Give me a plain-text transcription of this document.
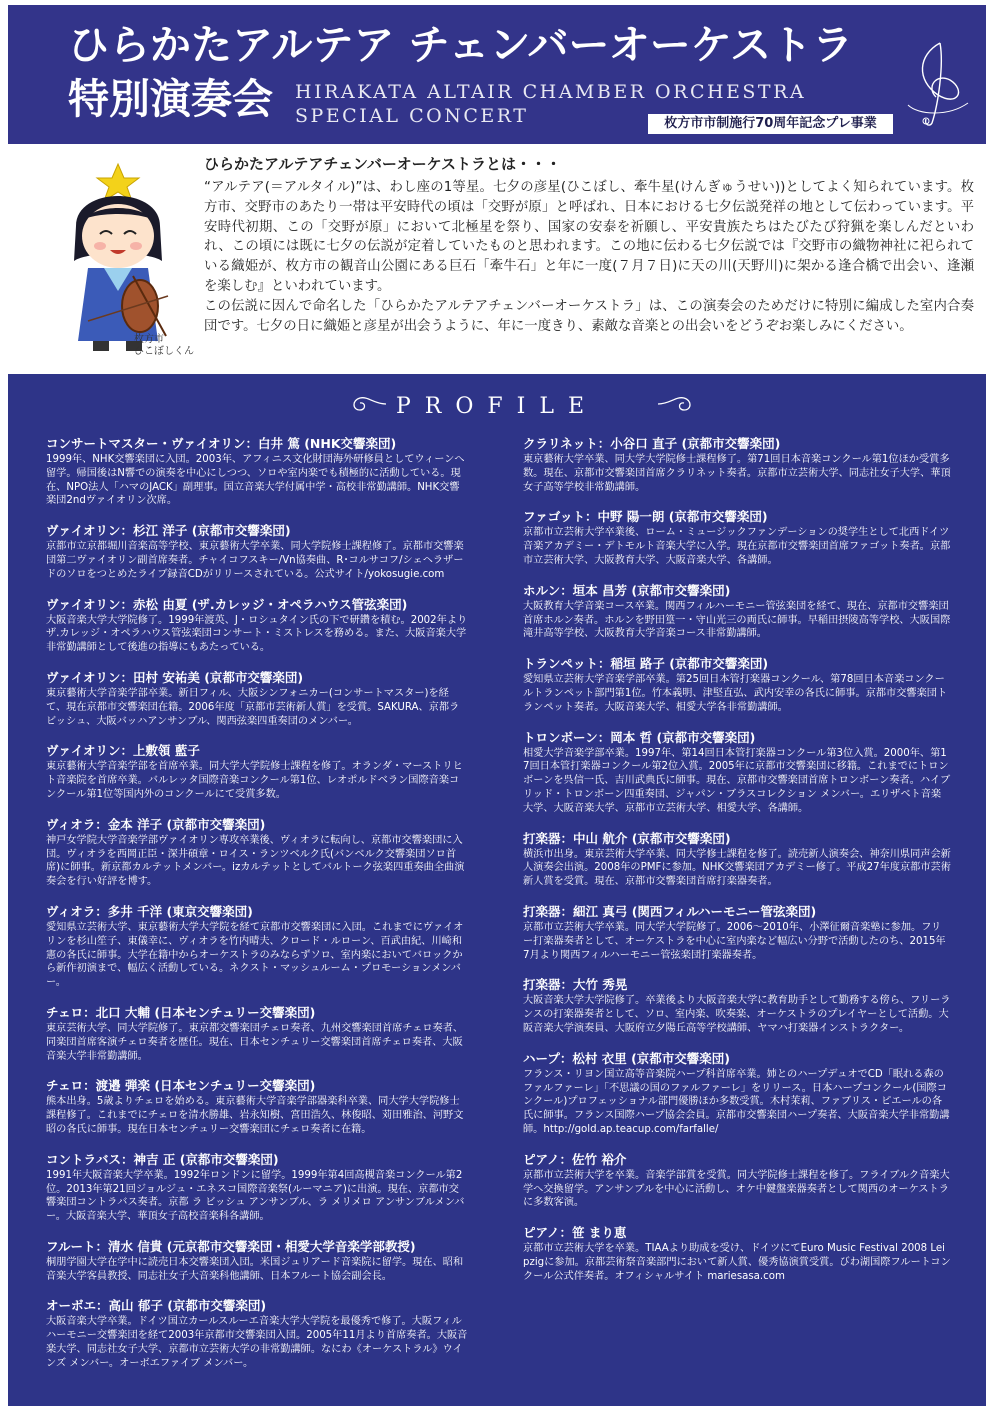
ひらかたアルテア チェンバーオーケストラ
特別演奏会 HIRAKATA ALTAIR CHAMBER ORCHESTRA
SPECIAL CONCERT	枚方市市制施行70周年記念プレ事業
枚方市
ひこぼしくん
ひらかたアルテアチェンバーオーケストラとは・・・

“アルテア(＝アルタイル)”は、わし座の1等星。七夕の彦星(ひこぼし、牽牛星(けんぎゅうせい))としてよく知られています。枚方市、交野市のあたり一帯は平安時代の頃は「交野が原」と呼ばれ、日本における七夕伝説発祥の地として伝わっています。平安時代初期、この「交野が原」において北極星を祭り、国家の安泰を祈願し、平安貴族たちはたびたび狩猟を楽しんだといわれ、この頃には既に七夕の伝説が定着していたものと思われます。この地に伝わる七夕伝説では『交野市の織物神社に祀られている織姫が、枚方市の観音山公園にある巨石「牽牛石」と年に一度(７月７日)に天の川(天野川)に架かる逢合橋で出会い、逢瀬を楽しむ』といわれています。

この伝説に因んで命名した「ひらかたアルテアチェンバーオーケストラ」は、この演奏会のためだけに特別に編成した室内合奏団です。七夕の日に織姫と彦星が出会うように、年に一度きり、素敵な音楽との出会いをどうぞお楽しみにください。

PROFILE
コンサートマスター・ヴァイオリン：白井 篤 (NHK交響楽団)
1999年、NHK交響楽団に入団。2003年、アフィニス文化財団海外研修員としてウィーンへ留学。帰国後はN響での演奏を中心にしつつ、ソロや室内楽でも積極的に活動している。現在、NPO法人「ハマのJACK」副理事。国立音楽大学付属中学・高校非常勤講師。NHK交響楽団2ndヴァイオリン次席。
ヴァイオリン：杉江 洋子 (京都市交響楽団)
京都市立京都堀川音楽高等学校、東京藝術大学卒業、同大学院修士課程修了。京都市交響楽団第二ヴァイオリン副首席奏者。チャイコフスキー/Vn協奏曲、R･コルサコフ/シェヘラザードのソロをつとめたライブ録音CDがリリースされている。公式サイト/yokosugie.com
ヴァイオリン：赤松 由夏 (ザ.カレッジ・オペラハウス管弦楽団)
大阪音楽大学大学院修了。1999年渡英、J・ロシュタイン氏の下で研鑽を積む。2002年よりザ.カレッジ・オペラハウス管弦楽団コンサート・ミストレスを務める。また、大阪音楽大学非常勤講師として後進の指導にもあたっている。
ヴァイオリン：田村 安祐美 (京都市交響楽団)
東京藝術大学音楽学部卒業。新日フィル、大阪シンフォニカー(コンサートマスター)を経て、現在京都市交響楽団在籍。2006年度「京都市芸術新人賞」を受賞。SAKURA、京都ラビッシュ、大阪バッハアンサンブル、関西弦楽四重奏団のメンバー。
ヴァイオリン：上敷領 藍子
東京藝術大学音楽学部を首席卒業。同大学大学院修士課程を修了。オランダ・マーストリヒト音楽院を首席卒業。バルレッタ国際音楽コンクール第1位、レオポルドベラン国際音楽コンクール第1位等国内外のコンクールにて受賞多数。
ヴィオラ：金本 洋子 (京都市交響楽団)
神戸女学院大学音楽学部ヴァイオリン専攻卒業後、ヴィオラに転向し、京都市交響楽団に入団。ヴィオラを西岡正臣・深井碩章・ロイス・ランツベルク氏(バンベルク交響楽団ソロ首席)に師事。新京都カルテットメンバー。izカルテットとしてバルトーク弦楽四重奏曲全曲演奏会を行い好評を博す。
ヴィオラ：多井 千洋 (東京交響楽団)
愛知県立芸術大学、東京藝術大学大学院を経て京都市交響楽団に入団。これまでにヴァイオリンを杉山笙子、東儀幸に、ヴィオラを竹内晴夫、クロード・ルローン、百武由紀、川崎和憲の各氏に師事。大学在籍中からオーケストラのみならずソロ、室内楽においてバロックから新作初演まで、幅広く活動している。ネクスト・マッシュルーム・プロモーションメンバー。
チェロ：北口 大輔 (日本センチュリー交響楽団)
東京芸術大学、同大学院修了。東京都交響楽団チェロ奏者、九州交響楽団首席チェロ奏者、同楽団首席客演チェロ奏者を歴任。現在、日本センチュリー交響楽団首席チェロ奏者、大阪音楽大学非常勤講師。
チェロ：渡邉 弾楽 (日本センチュリー交響楽団)
熊本出身。5歳よりチェロを始める。東京藝術大学音楽学部器楽科卒業、同大学大学院修士課程修了。これまでにチェロを清水勝雄、岩永知樹、宮田浩久、林俊昭、苅田雅治、河野文昭の各氏に師事。現在日本センチュリー交響楽団にチェロ奏者に在籍。
コントラバス：神吉 正 (京都市交響楽団)
1991年大阪音楽大学卒業。1992年ロンドンに留学。1999年第4回高槻音楽コンクール第2位。2013年第21回ジョルジュ・エネスコ国際音楽祭(ルーマニア)に出演。現在、京都市交響楽団コントラバス奏者。京都 ラ ビッシュ アンサンブル、ラ メリメロ アンサンブルメンバー。大阪音楽大学、華頂女子高校音楽科各講師。
フルート：清水 信貴 (元京都市交響楽団・相愛大学音楽学部教授)
桐朋学園大学在学中に読売日本交響楽団入団。米国ジュリアード音楽院に留学。現在、昭和音楽大学客員教授、同志社女子大音楽科他講師、日本フルート協会副会長。
オーボエ：高山 郁子 (京都市交響楽団)
大阪音楽大学卒業。ドイツ国立カールスルーエ音楽大学大学院を最優秀で修了。大阪フィルハーモニー交響楽団を経て2003年京都市交響楽団入団。2005年11月より首席奏者。大阪音楽大学、同志社女子大学、京都市立芸術大学の非常勤講師。なにわ《オーケストラル》ウインズ メンバー。オーボエファイブ メンバー。
クラリネット：小谷口 直子 (京都市交響楽団)
東京藝術大学卒業、同大学大学院修士課程修了。第71回日本音楽コンクール第1位ほか受賞多数。現在、京都市交響楽団首席クラリネット奏者。京都市立芸術大学、同志社女子大学、華頂女子高等学校非常勤講師。
ファゴット：中野 陽一朗 (京都市交響楽団)
京都市立芸術大学卒業後、ローム・ミュージックファンデーションの奨学生として北西ドイツ音楽アカデミー・デトモルト音楽大学に入学。現在京都市交響楽団首席ファゴット奏者。京都市立芸術大学、大阪教育大学、大阪音楽大学、各講師。
ホルン：垣本 昌芳 (京都市交響楽団)
大阪教育大学音楽コース卒業。関西フィルハーモニー管弦楽団を経て、現在、京都市交響楽団首席ホルン奏者。ホルンを野田篁一・守山光三の両氏に師事。早稲田摂陵高等学校、大阪国際滝井高等学校、大阪教育大学音楽コース非常勤講師。
トランペット：稲垣 路子 (京都市交響楽団)
愛知県立芸術大学音楽学部卒業。第25回日本管打楽器コンクール、第78回日本音楽コンクールトランペット部門第1位。竹本義明、津堅直弘、武内安幸の各氏に師事。京都市交響楽団トランペット奏者。大阪音楽大学、相愛大学各非常勤講師。
トロンボーン：岡本 哲 (京都市交響楽団)
相愛大学音楽学部卒業。1997年、第14回日本管打楽器コンクール第3位入賞。2000年、第17回日本管打楽器コンクール第2位入賞。2005年に京都市交響楽団に移籍。これまでにトロンボーンを呉信一氏、吉川武典氏に師事。現在、京都市交響楽団首席トロンボーン奏者。ハイブリッド・トロンボーン四重奏団、ジャパン・ブラスコレクション メンバー。エリザベト音楽大学、大阪音楽大学、京都市立芸術大学、相愛大学、各講師。
打楽器：中山 航介 (京都市交響楽団)
横浜市出身。東京芸術大学卒業、同大学修士課程を修了。読売新人演奏会、神奈川県同声会新人演奏会出演。2008年のPMFに参加。NHK交響楽団アカデミー修了。平成27年度京都市芸術新人賞を受賞。現在、京都市交響楽団首席打楽器奏者。
打楽器：細江 真弓 (関西フィルハーモニー管弦楽団)
京都市立芸術大学卒業。同大学大学院修了。2006〜2010年、小澤征爾音楽塾に参加。フリー打楽器奏者として、オーケストラを中心に室内楽など幅広い分野で活動したのち、2015年7月より関西フィルハーモニー管弦楽団打楽器奏者。
打楽器：大竹 秀晃
大阪音楽大学大学院修了。卒業後より大阪音楽大学に教育助手として勤務する傍ら、フリーランスの打楽器奏者として、ソロ、室内楽、吹奏楽、オーケストラのプレイヤーとして活動。大阪音楽大学演奏員、大阪府立夕陽丘高等学校講師、ヤマハ打楽器インストラクター。
ハープ：松村 衣里 (京都市交響楽団)
フランス・リヨン国立高等音楽院ハープ科首席卒業。姉とのハープデュオでCD「眠れる森のファルファーレ」「不思議の国のファルファーレ」をリリース。日本ハープコンクール(国際コンクール)プロフェッショナル部門優勝ほか多数受賞。木村茉莉、ファブリス・ピエールの各氏に師事。フランス国際ハープ協会会員。京都市交響楽団ハープ奏者、大阪音楽大学非常勤講師。http://gold.ap.teacup.com/farfalle/
ピアノ：佐竹 裕介
京都市立芸術大学を卒業。音楽学部賞を受賞。同大学院修士課程を修了。フライブルク音楽大学へ交換留学。アンサンブルを中心に活動し、オケ中鍵盤楽器奏者として関西のオーケストラに多数客演。
ピアノ：笹 まり恵
京都市立芸術大学を卒業。TIAAより助成を受け、ドイツにてEuro Music Festival 2008 Leipzigに参加。京都芸術祭音楽部門において新人賞、優秀協演賞受賞。びわ湖国際フルートコンクール公式伴奏者。オフィシャルサイト mariesasa.com
